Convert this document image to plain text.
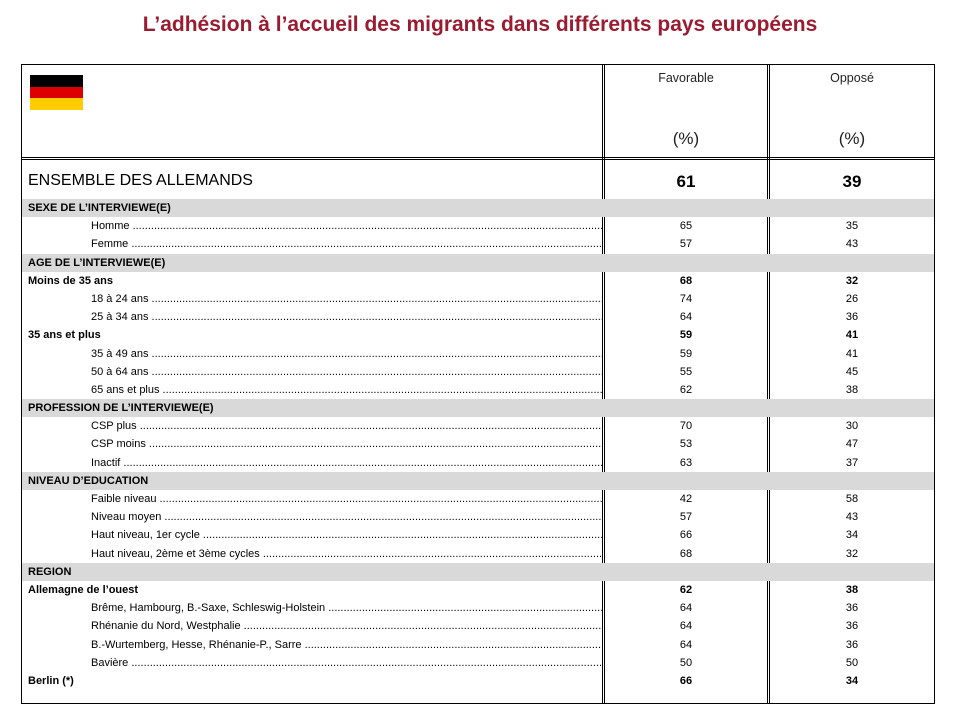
L’adhésion à l’accueil des migrants dans différents pays européens
Favorable	Opposé
(%)	(%)
ENSEMBLE DES ALLEMANDS	61	39
SEXE DE L’INTERVIEWE(E)
Homme .....	65	35
Femme .....	57	43
AGE DE L’INTERVIEWE(E)
Moins de 35 ans	68	32
18 à 24 ans .....	74	26
25 à 34 ans .....	64	36
35 ans et plus	59	41
35 à 49 ans .....	59	41
50 à 64 ans .....	55	45
65 ans et plus .....	62	38
PROFESSION DE L’INTERVIEWE(E)
CSP plus .....	70	30
CSP moins .....	53	47
Inactif .....	63	37
NIVEAU D’EDUCATION
Faible niveau .....	42	58
Niveau moyen .....	57	43
Haut niveau, 1er cycle .....	66	34
Haut niveau, 2ème et 3ème cycles .....	68	32
REGION
Allemagne de l’ouest	62	38
Brême, Hambourg, B.-Saxe, Schleswig-Holstein .....	64	36
Rhénanie du Nord, Westphalie .....	64	36
B.-Wurtemberg, Hesse, Rhénanie-P., Sarre .....	64	36
Bavière .....	50	50
Berlin (*)	66	34
